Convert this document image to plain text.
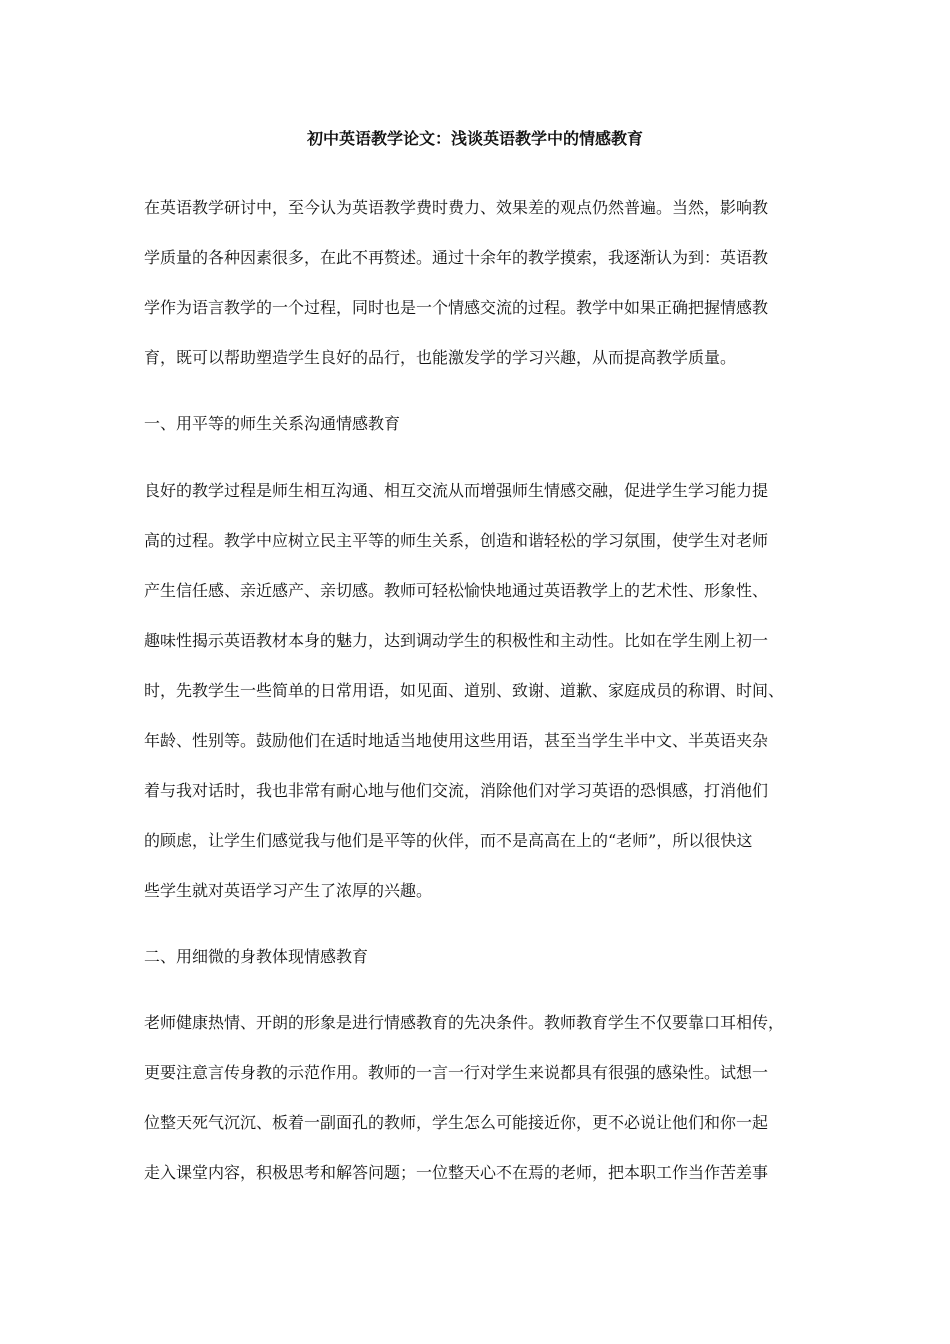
初中英语教学论文：浅谈英语教学中的情感教育
在英语教学研讨中，至今认为英语教学费时费力、效果差的观点仍然普遍。当然，影响教
学质量的各种因素很多，在此不再赘述。通过十余年的教学摸索，我逐渐认为到：英语教
学作为语言教学的一个过程，同时也是一个情感交流的过程。教学中如果正确把握情感教
育，既可以帮助塑造学生良好的品行，也能激发学的学习兴趣，从而提高教学质量。
一、用平等的师生关系沟通情感教育
良好的教学过程是师生相互沟通、相互交流从而增强师生情感交融，促进学生学习能力提
高的过程。教学中应树立民主平等的师生关系，创造和谐轻松的学习氛围，使学生对老师
产生信任感、亲近感产、亲切感。教师可轻松愉快地通过英语教学上的艺术性、形象性、
趣味性揭示英语教材本身的魅力，达到调动学生的积极性和主动性。比如在学生刚上初一
时，先教学生一些简单的日常用语，如见面、道别、致谢、道歉、家庭成员的称谓、时间、
年龄、性别等。鼓励他们在适时地适当地使用这些用语，甚至当学生半中文、半英语夹杂
着与我对话时，我也非常有耐心地与他们交流，消除他们对学习英语的恐惧感，打消他们
的顾虑，让学生们感觉我与他们是平等的伙伴，而不是高高在上的“老师”，所以很快这
些学生就对英语学习产生了浓厚的兴趣。
二、用细微的身教体现情感教育
老师健康热情、开朗的形象是进行情感教育的先决条件。教师教育学生不仅要靠口耳相传，
更要注意言传身教的示范作用。教师的一言一行对学生来说都具有很强的感染性。试想一
位整天死气沉沉、板着一副面孔的教师，学生怎么可能接近你，更不必说让他们和你一起
走入课堂内容，积极思考和解答问题；一位整天心不在焉的老师，把本职工作当作苦差事
